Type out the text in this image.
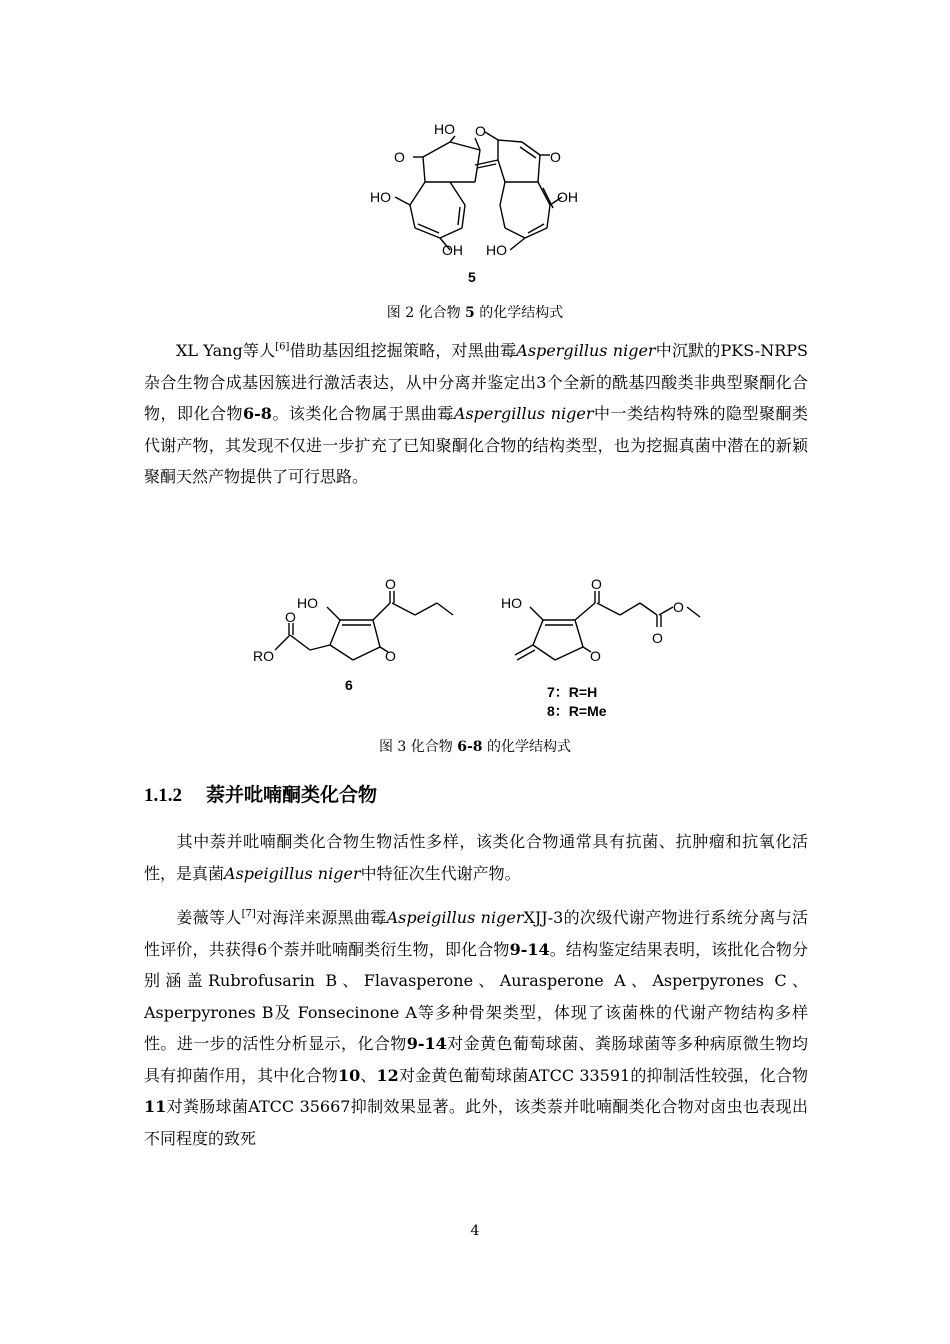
HO O
O	O
HO	OH
OH HO
5
图 2 化合物 5 的化学结构式
XL Yang等人[6]借助基因组挖掘策略，对黑曲霉Aspergillus niger中沉默的PKS-NRPS杂合生物合成基因簇进行激活表达，从中分离并鉴定出3个全新的酰基四酸类非典型聚酮化合物，即化合物6-8。该类化合物属于黑曲霉Aspergillus niger中一类结构特殊的隐型聚酮类代谢产物，其发现不仅进一步扩充了已知聚酮化合物的结构类型，也为挖掘真菌中潜在的新颖聚酮天然产物提供了可行思路。
HO
O
O
RO	O
6
HO
O
O
O
O
7：R=H
8：R=Me
图 3 化合物 6-8 的化学结构式
1.1.2 萘并吡喃酮类化合物
其中萘并吡喃酮类化合物生物活性多样，该类化合物通常具有抗菌、抗肿瘤和抗氧化活性，是真菌Aspeigillus niger中特征次生代谢产物。
姜薇等人[7]对海洋来源黑曲霉Aspeigillus nigerXJJ-3的次级代谢产物进行系统分离与活性评价，共获得6个萘并吡喃酮类衍生物，即化合物9-14。结构鉴定结果表明，该批化合物分别涵盖Rubrofusarin B、Flavasperone、Aurasperone A、Asperpyrones C、Asperpyrones B及 Fonsecinone A等多种骨架类型，体现了该菌株的代谢产物结构多样性。进一步的活性分析显示，化合物9-14对金黄色葡萄球菌、粪肠球菌等多种病原微生物均具有抑菌作用，其中化合物10、12对金黄色葡萄球菌ATCC 33591的抑制活性较强，化合物11对粪肠球菌ATCC 35667抑制效果显著。此外，该类萘并吡喃酮类化合物对卤虫也表现出不同程度的致死
4
